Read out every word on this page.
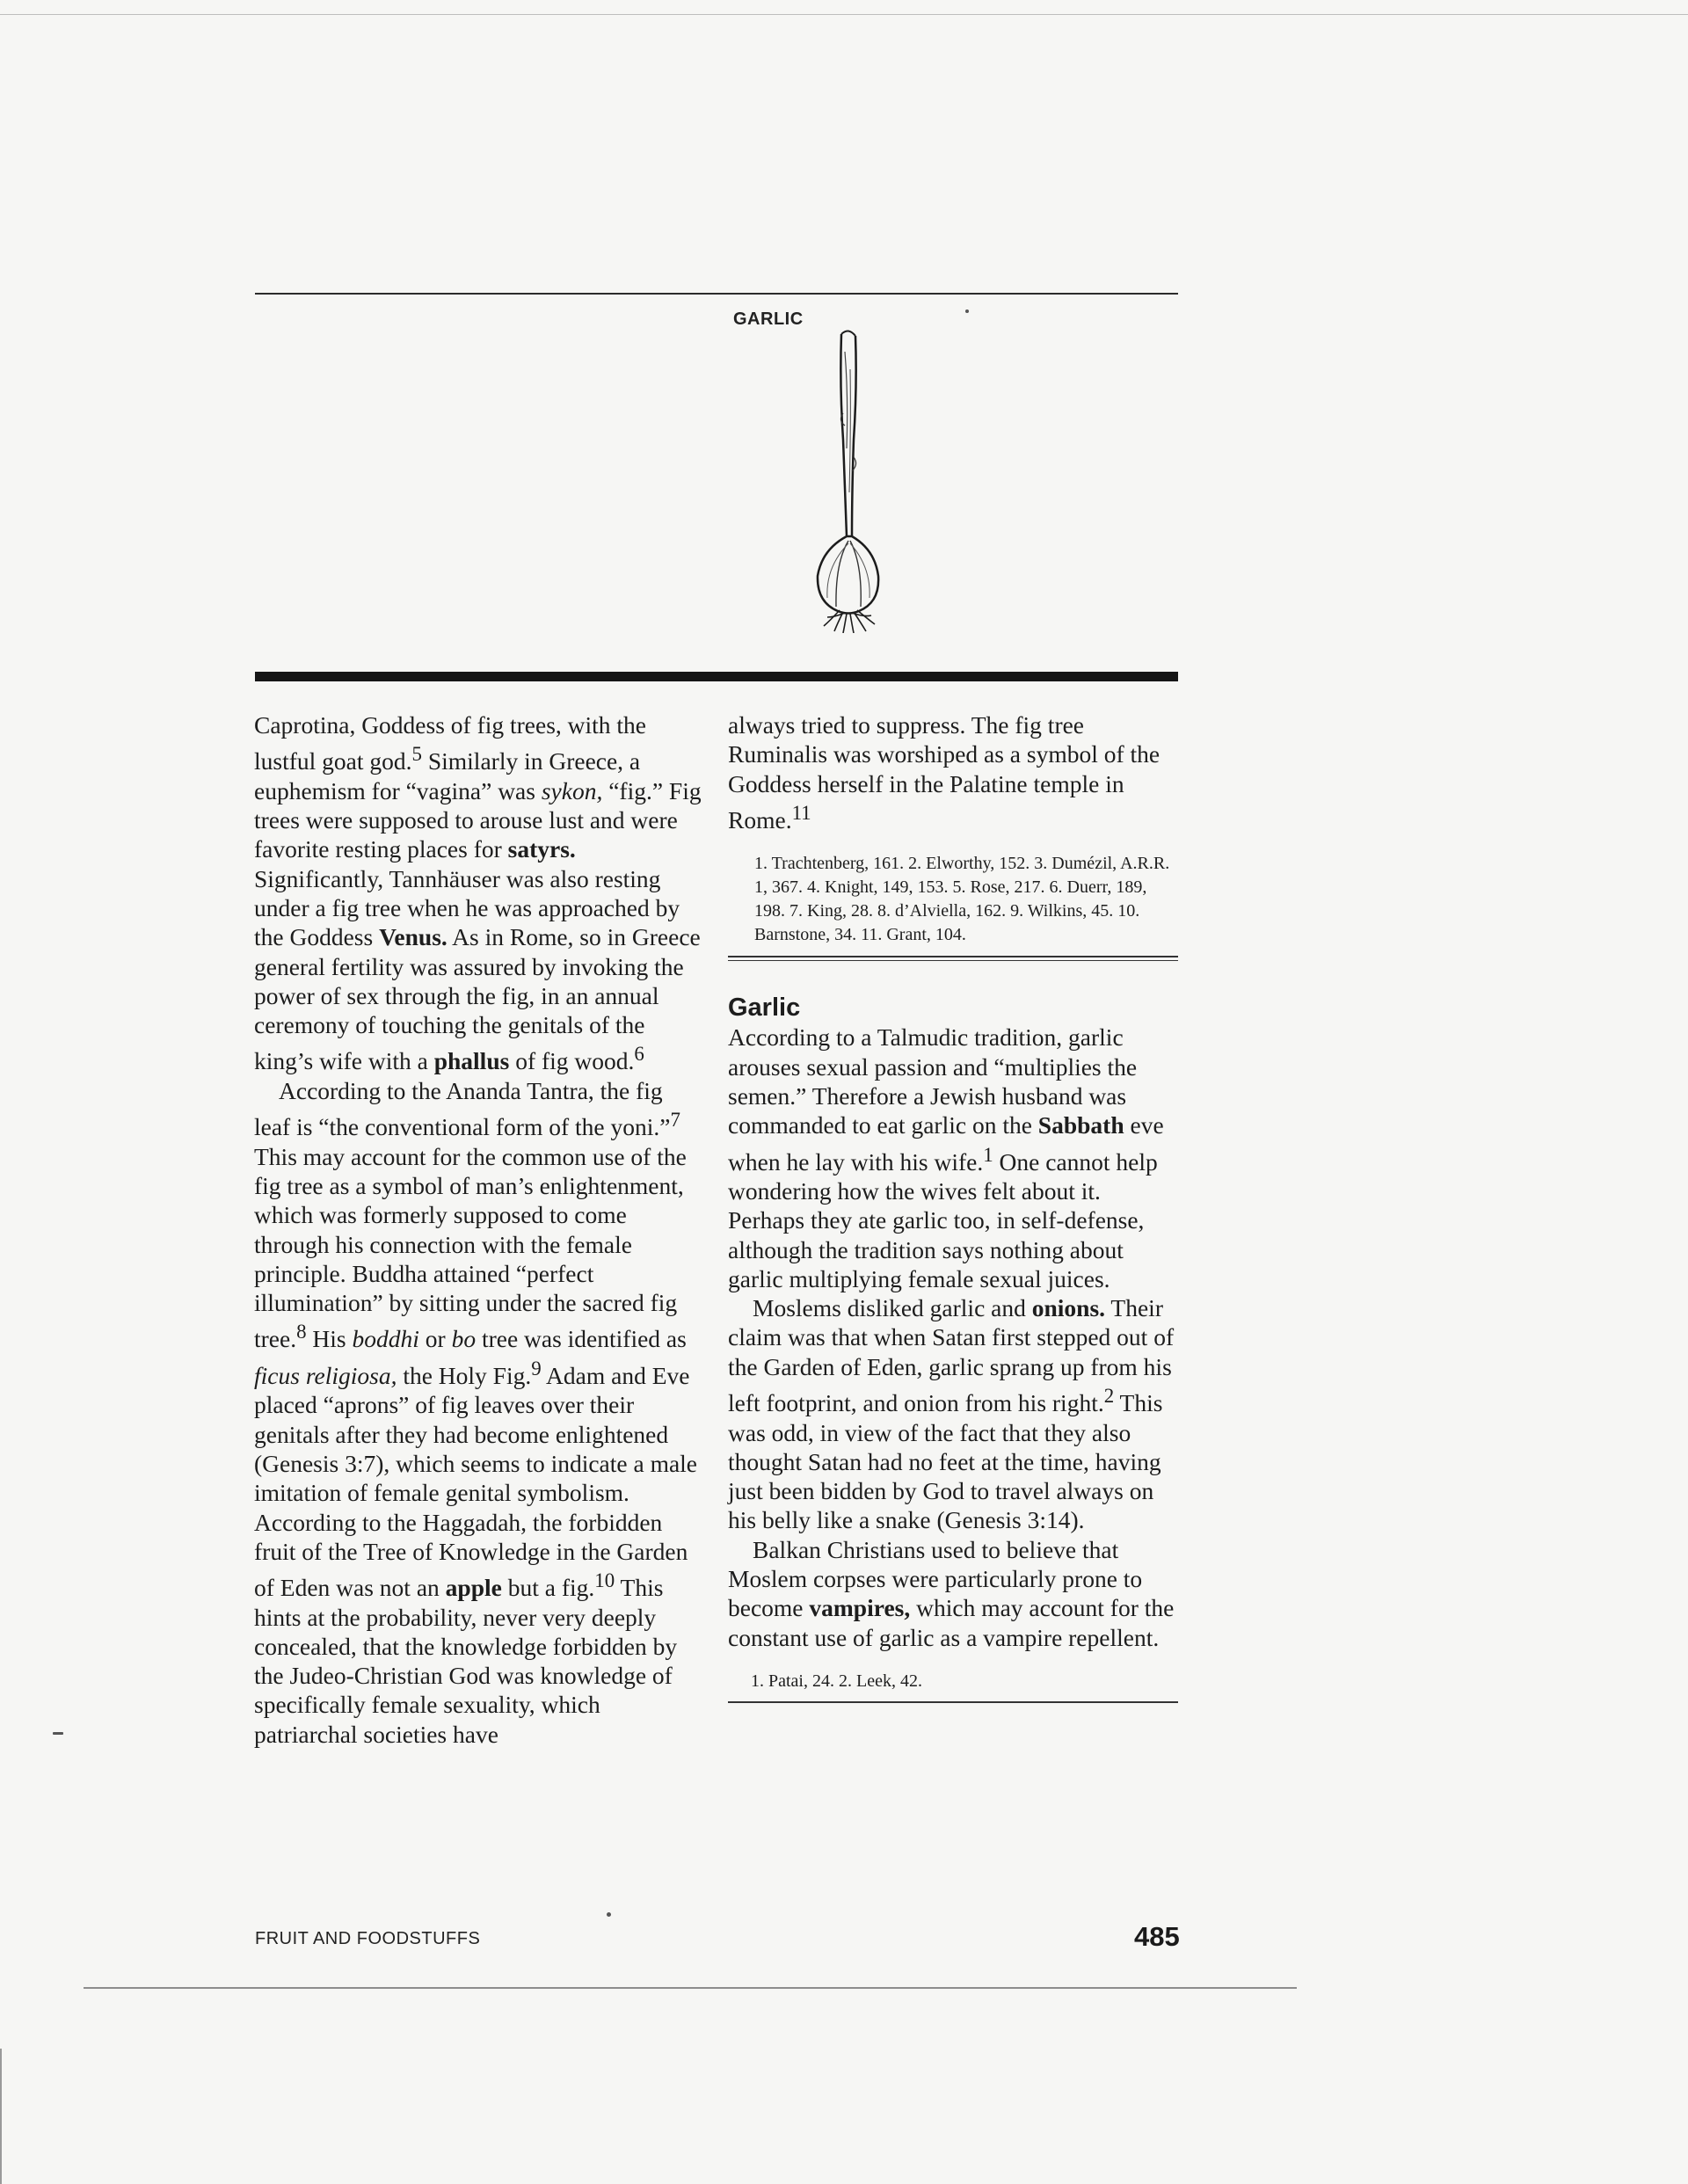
GARLIC

Caprotina, Goddess of fig trees, with the lustful goat god.$^5$ Similarly in Greece, a euphemism for “vagina” was sykon, “fig.” Fig trees were supposed to arouse lust and were favorite resting places for satyrs. Significantly, Tannhäuser was also resting under a fig tree when he was approached by the Goddess Venus. As in Rome, so in Greece general fertility was assured by invoking the power of sex through the fig, in an annual ceremony of touching the genitals of the king’s wife with a phallus of fig wood.$^6$

According to the Ananda Tantra, the fig leaf is “the conventional form of the yoni.”$^7$ This may account for the common use of the fig tree as a symbol of man’s enlightenment, which was formerly supposed to come through his connection with the female principle. Buddha attained “perfect illumination” by sitting under the sacred fig tree.$^8$ His boddhi or bo tree was identified as ficus religiosa, the Holy Fig.$^9$ Adam and Eve placed “aprons” of fig leaves over their genitals after they had become enlightened (Genesis 3:7), which seems to indicate a male imitation of female genital symbolism. According to the Haggadah, the forbidden fruit of the Tree of Knowledge in the Garden of Eden was not an apple but a fig.$^{10}$ This hints at the probability, never very deeply concealed, that the knowledge forbidden by the Judeo-Christian God was knowledge of specifically female sexuality, which patriarchal societies have

always tried to suppress. The fig tree Ruminalis was worshiped as a symbol of the Goddess herself in the Palatine temple in Rome.$^{11}$

1. Trachtenberg, 161. 2. Elworthy, 152. 3. Dumézil, A.R.R. 1, 367. 4. Knight, 149, 153. 5. Rose, 217. 6. Duerr, 189, 198. 7. King, 28. 8. d’Alviella, 162. 9. Wilkins, 45. 10. Barnstone, 34. 11. Grant, 104.

Garlic

According to a Talmudic tradition, garlic arouses sexual passion and “multiplies the semen.” Therefore a Jewish husband was commanded to eat garlic on the Sabbath eve when he lay with his wife.$^1$ One cannot help wondering how the wives felt about it. Perhaps they ate garlic too, in self-defense, although the tradition says nothing about garlic multiplying female sexual juices.

Moslems disliked garlic and onions. Their claim was that when Satan first stepped out of the Garden of Eden, garlic sprang up from his left footprint, and onion from his right.$^2$ This was odd, in view of the fact that they also thought Satan had no feet at the time, having just been bidden by God to travel always on his belly like a snake (Genesis 3:14).

Balkan Christians used to believe that Moslem corpses were particularly prone to become vampires, which may account for the constant use of garlic as a vampire repellent.

1. Patai, 24. 2. Leek, 42.

FRUIT AND FOODSTUFFS	485
